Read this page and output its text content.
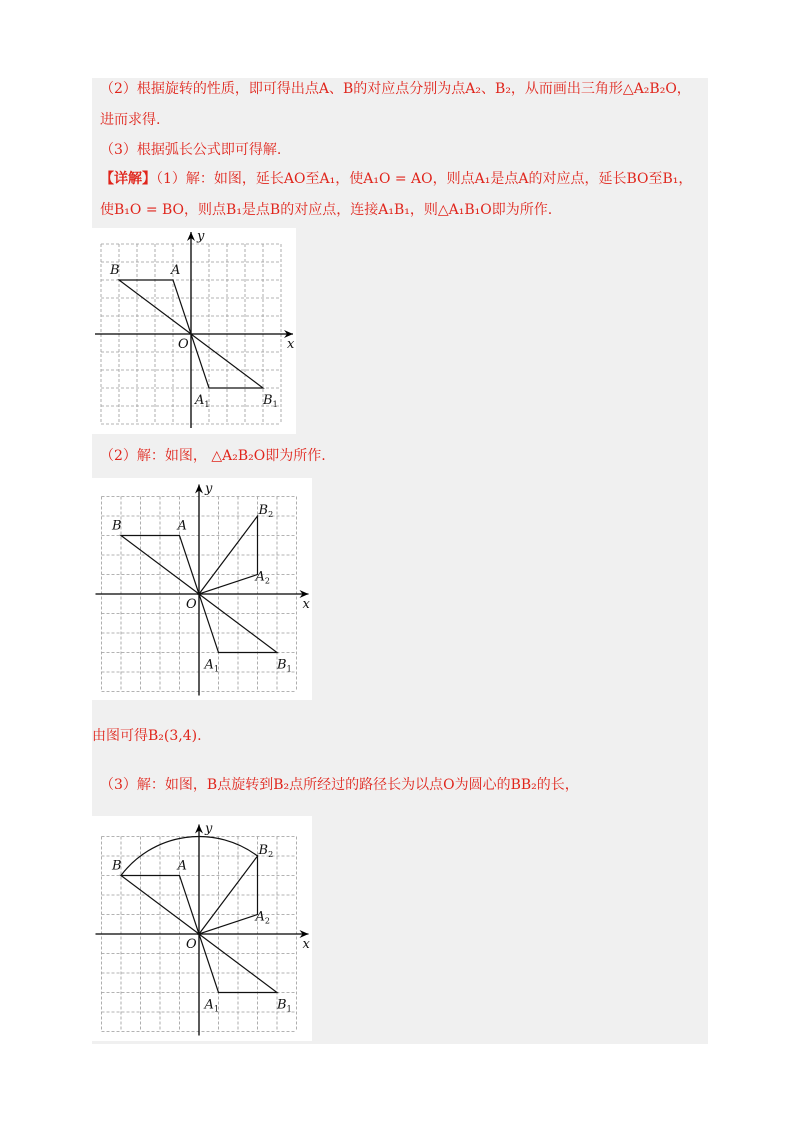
（2）根据旋转的性质，即可得出点A、B的对应点分别为点A₂、B₂，从而画出三角形△A₂B₂O，
进而求得.
（3）根据弧长公式即可得解.
【详解】（1）解：如图，延长AO至A₁，使A₁O = AO，则点A₁是点A的对应点，延长BO至B₁，
使B₁O = BO，则点B₁是点B的对应点，连接A₁B₁，则△A₁B₁O即为所作.
（2）解：如图， △A₂B₂O即为所作.
由图可得B₂(3,4).
（3）解：如图，B点旋转到B₂点所经过的路径长为以点O为圆心的BB₂的长，
x
y
O
A
B
$A_1$	$B_1$
x
y
O
A
B
$A_1$	$B_1$
$A_2$
$B_2$
x
y
O
A
B
$A_1$	$B_1$
$A_2$
$B_2$
